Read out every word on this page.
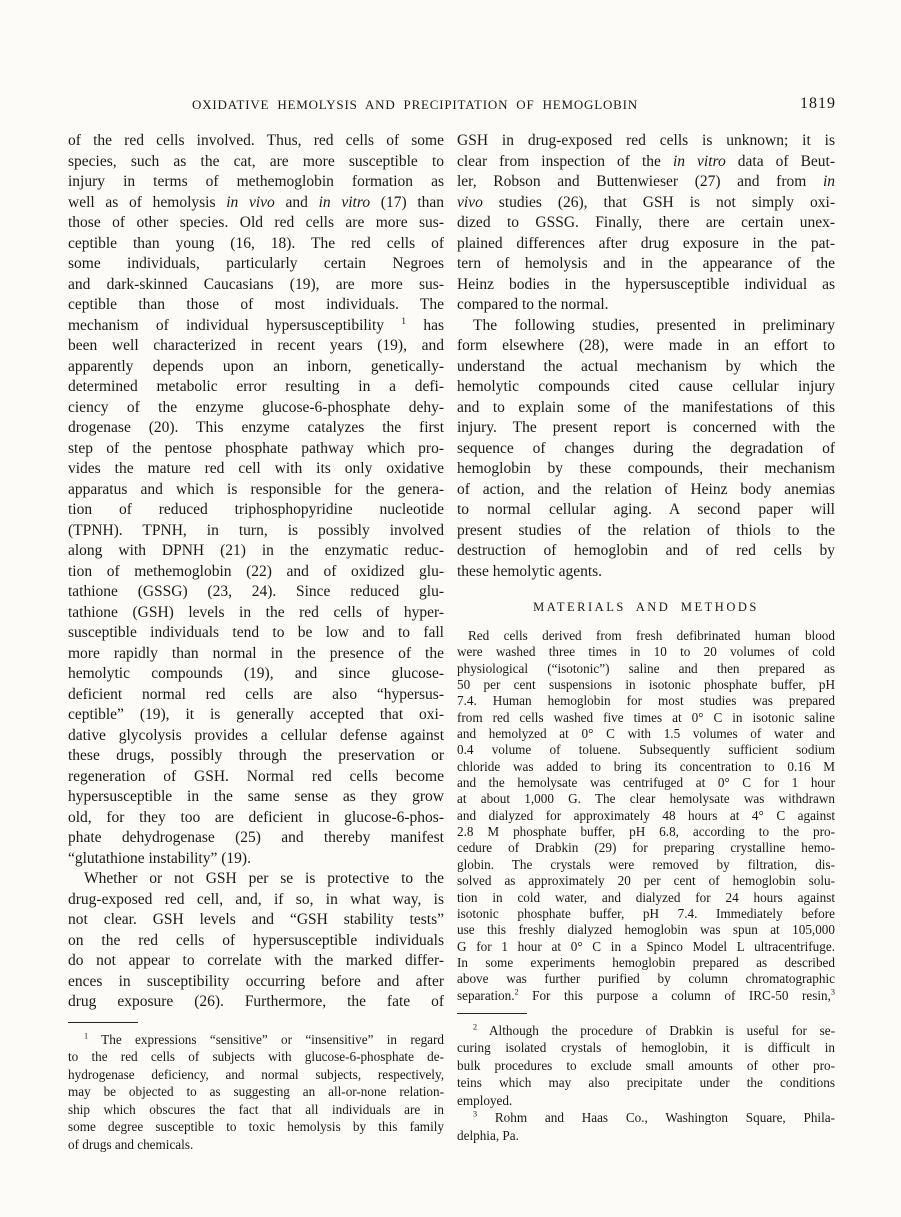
OXIDATIVE HEMOLYSIS AND PRECIPITATION OF HEMOGLOBIN	1819
of the red cells involved. Thus, red cells of some
species, such as the cat, are more susceptible to
injury in terms of methemoglobin formation as
well as of hemolysis in vivo and in vitro (17) than
those of other species. Old red cells are more sus-
ceptible than young (16, 18). The red cells of
some individuals, particularly certain Negroes
and dark-skinned Caucasians (19), are more sus-
ceptible than those of most individuals. The
mechanism of individual hypersusceptibility $^1$ has
been well characterized in recent years (19), and
apparently depends upon an inborn, genetically-
determined metabolic error resulting in a defi-
ciency of the enzyme glucose-6-phosphate dehy-
drogenase (20). This enzyme catalyzes the first
step of the pentose phosphate pathway which pro-
vides the mature red cell with its only oxidative
apparatus and which is responsible for the genera-
tion of reduced triphosphopyridine nucleotide
(TPNH). TPNH, in turn, is possibly involved
along with DPNH (21) in the enzymatic reduc-
tion of methemoglobin (22) and of oxidized glu-
tathione (GSSG) (23, 24). Since reduced glu-
tathione (GSH) levels in the red cells of hyper-
susceptible individuals tend to be low and to fall
more rapidly than normal in the presence of the
hemolytic compounds (19), and since glucose-
deficient normal red cells are also “hypersus-
ceptible” (19), it is generally accepted that oxi-
dative glycolysis provides a cellular defense against
these drugs, possibly through the preservation or
regeneration of GSH. Normal red cells become
hypersusceptible in the same sense as they grow
old, for they too are deficient in glucose-6-phos-
phate dehydrogenase (25) and thereby manifest
“glutathione instability” (19).
Whether or not GSH per se is protective to the
drug-exposed red cell, and, if so, in what way, is
not clear. GSH levels and “GSH stability tests”
on the red cells of hypersusceptible individuals
do not appear to correlate with the marked differ-
ences in susceptibility occurring before and after
drug exposure (26). Furthermore, the fate of
$^1$ The expressions “sensitive” or “insensitive” in regard
to the red cells of subjects with glucose-6-phosphate de-
hydrogenase deficiency, and normal subjects, respectively,
may be objected to as suggesting an all-or-none relation-
ship which obscures the fact that all individuals are in
some degree susceptible to toxic hemolysis by this family
of drugs and chemicals.
GSH in drug-exposed red cells is unknown; it is
clear from inspection of the in vitro data of Beut-
ler, Robson and Buttenwieser (27) and from in
vivo studies (26), that GSH is not simply oxi-
dized to GSSG. Finally, there are certain unex-
plained differences after drug exposure in the pat-
tern of hemolysis and in the appearance of the
Heinz bodies in the hypersusceptible individual as
compared to the normal.
The following studies, presented in preliminary
form elsewhere (28), were made in an effort to
understand the actual mechanism by which the
hemolytic compounds cited cause cellular injury
and to explain some of the manifestations of this
injury. The present report is concerned with the
sequence of changes during the degradation of
hemoglobin by these compounds, their mechanism
of action, and the relation of Heinz body anemias
to normal cellular aging. A second paper will
present studies of the relation of thiols to the
destruction of hemoglobin and of red cells by
these hemolytic agents.
MATERIALS AND METHODS
Red cells derived from fresh defibrinated human blood
were washed three times in 10 to 20 volumes of cold
physiological (“isotonic”) saline and then prepared as
50 per cent suspensions in isotonic phosphate buffer, pH
7.4. Human hemoglobin for most studies was prepared
from red cells washed five times at 0° C in isotonic saline
and hemolyzed at 0° C with 1.5 volumes of water and
0.4 volume of toluene. Subsequently sufficient sodium
chloride was added to bring its concentration to 0.16 M
and the hemolysate was centrifuged at 0° C for 1 hour
at about 1,000 G. The clear hemolysate was withdrawn
and dialyzed for approximately 48 hours at 4° C against
2.8 M phosphate buffer, pH 6.8, according to the pro-
cedure of Drabkin (29) for preparing crystalline hemo-
globin. The crystals were removed by filtration, dis-
solved as approximately 20 per cent of hemoglobin solu-
tion in cold water, and dialyzed for 24 hours against
isotonic phosphate buffer, pH 7.4. Immediately before
use this freshly dialyzed hemoglobin was spun at 105,000
G for 1 hour at 0° C in a Spinco Model L ultracentrifuge.
In some experiments hemoglobin prepared as described
above was further purified by column chromatographic
separation.$^2$ For this purpose a column of IRC-50 resin,$^3$
$^2$ Although the procedure of Drabkin is useful for se-
curing isolated crystals of hemoglobin, it is difficult in
bulk procedures to exclude small amounts of other pro-
teins which may also precipitate under the conditions
employed.
$^3$ Rohm and Haas Co., Washington Square, Phila-
delphia, Pa.
